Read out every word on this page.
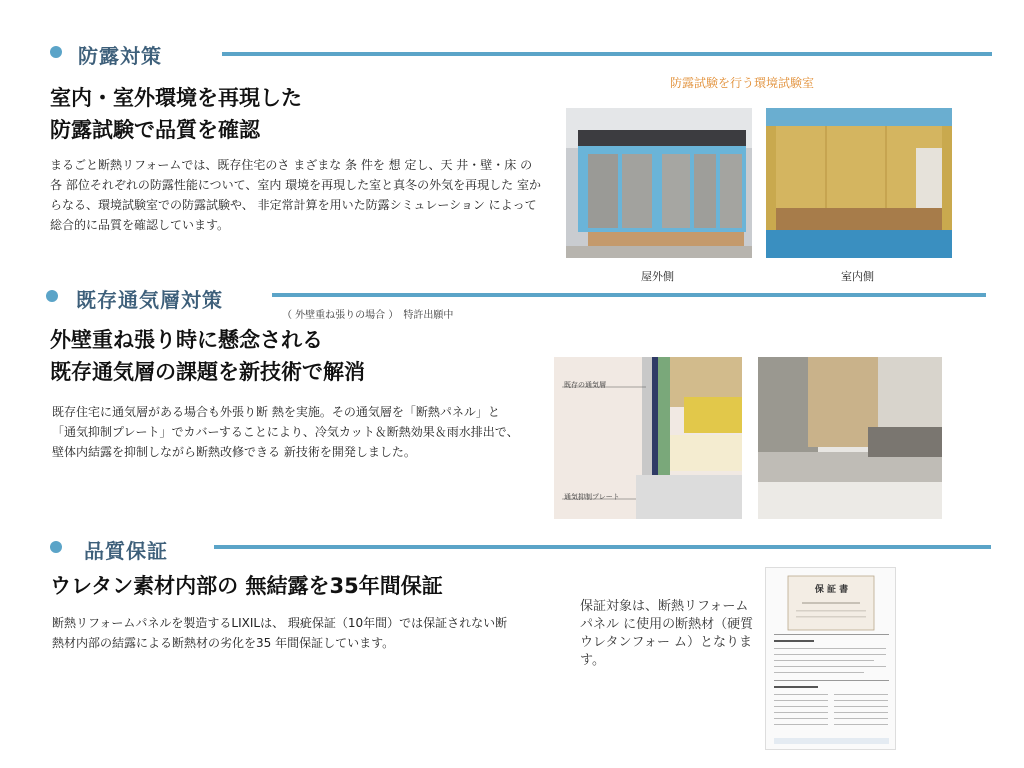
防露対策
室内・室外環境を再現した
防露試験で品質を確認
まるごと断熱リフォームでは、既存住宅のさ まざまな 条 件を 想 定し、天 井・壁・床 の 各 部位それぞれの防露性能について、室内 環境を再現した室と真冬の外気を再現した 室からなる、環境試験室での防露試験や、 非定常計算を用いた防露シミュレーション によって総合的に品質を確認しています。
防露試験を行う環境試験室
屋外側	室内側
既存通気層対策
（ 外壁重ね張りの場合 ）　特許出願中
外壁重ね張り時に懸念される
既存通気層の課題を新技術で解消
既存住宅に通気層がある場合も外張り断 熱を実施。その通気層を「断熱パネル」と 「通気抑制プレート」でカバーすることにより、冷気カット＆断熱効果＆雨水排出で、 壁体内結露を抑制しながら断熱改修できる 新技術を開発しました。
既存の通気層
通気抑制プレート
品質保証
ウレタン素材内部の 無結露を35年間保証
断熱リフォームパネルを製造するLIXILは、 瑕疵保証（10年間）では保証されない断 熱材内部の結露による断熱材の劣化を35 年間保証しています。
保証対象は、断熱リフォームパネル に使用の断熱材（硬質ウレタンフォー ム）となります。
保 証 書
